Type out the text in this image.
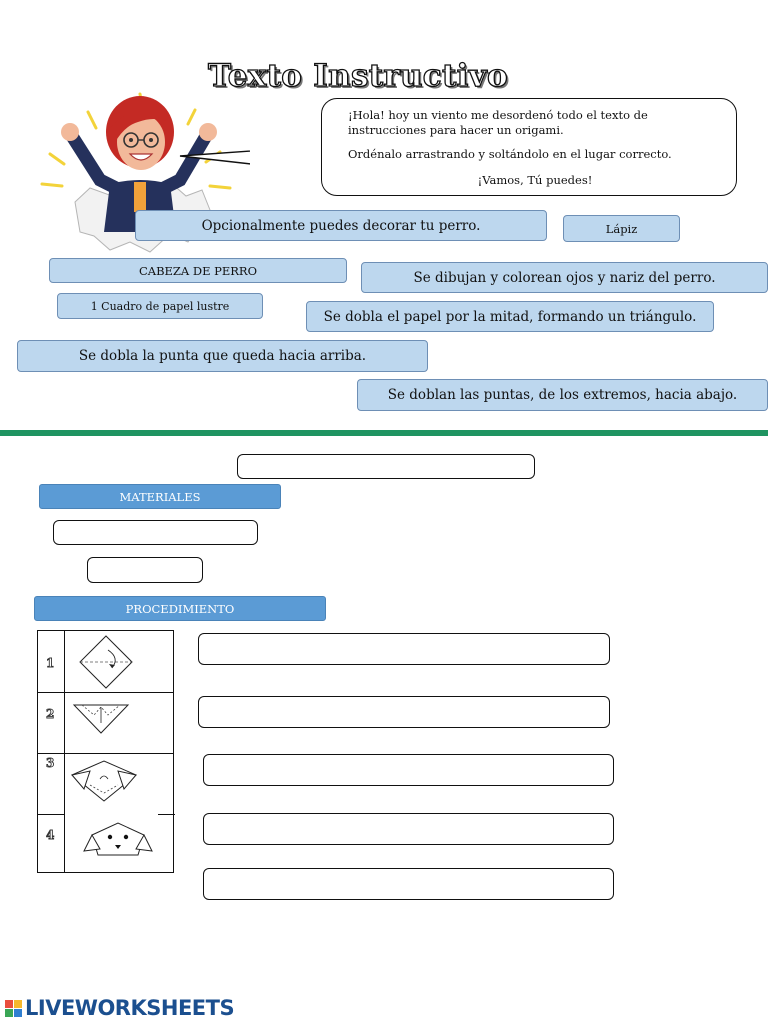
Texto Instructivo

¡Hola! hoy un viento me desordenó todo el texto de instrucciones para hacer un origami.

Ordénalo arrastrando y soltándolo en el lugar correcto.

¡Vamos, Tú puedes!

Opcionalmente puedes decorar tu perro.	Lápiz
CABEZA DE PERRO	Se dibujan y colorean ojos y nariz del perro.
1 Cuadro de papel lustre
Se dobla el papel por la mitad, formando un triángulo.
Se dobla la punta que queda hacia arriba.
Se doblan las puntas, de los extremos, hacia abajo.
MATERIALES
PROCEDIMIENTO
1
2
3
4
LIVEWORKSHEETS
